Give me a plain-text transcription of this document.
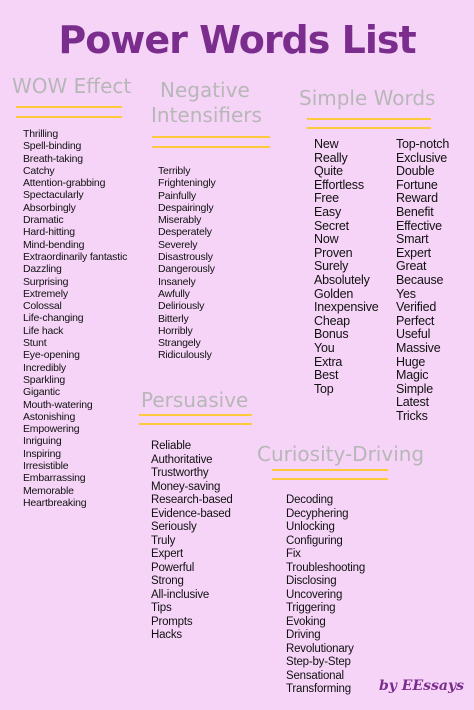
Power Words List
WOW Effect
Thrilling
Spell-binding
Breath-taking
Catchy
Attention-grabbing
Spectacularly
Absorbingly
Dramatic
Hard-hitting
Mind-bending
Extraordinarily fantastic
Dazzling
Surprising
Extremely
Colossal
Life-changing
Life hack
Stunt
Eye-opening
Incredibly
Sparkling
Gigantic
Mouth-watering
Astonishing
Empowering
Inriguing
Inspiring
Irresistible
Embarrassing
Memorable
Heartbreaking
Negative
Intensifiers
Terribly
Frighteningly
Painfully
Despairingly
Miserably
Desperately
Severely
Disastrously
Dangerously
Insanely
Awfully
Deliriously
Bitterly
Horribly
Strangely
Ridiculously
Simple Words
New
Really
Quite
Effortless
Free
Easy
Secret
Now
Proven
Surely
Absolutely
Golden
Inexpensive
Cheap
Bonus
You
Extra
Best
Top
Top-notch
Exclusive
Double
Fortune
Reward
Benefit
Effective
Smart
Expert
Great
Because
Yes
Verified
Perfect
Useful
Massive
Huge
Magic
Simple
Latest
Tricks
Persuasive
Reliable
Authoritative
Trustworthy
Money-saving
Research-based
Evidence-based
Seriously
Truly
Expert
Powerful
Strong
All-inclusive
Tips
Prompts
Hacks
Curiosity-Driving
Decoding
Decyphering
Unlocking
Configuring
Fix
Troubleshooting
Disclosing
Uncovering
Triggering
Evoking
Driving
Revolutionary
Step-by-Step
Sensational
Transforming	by EEssays
